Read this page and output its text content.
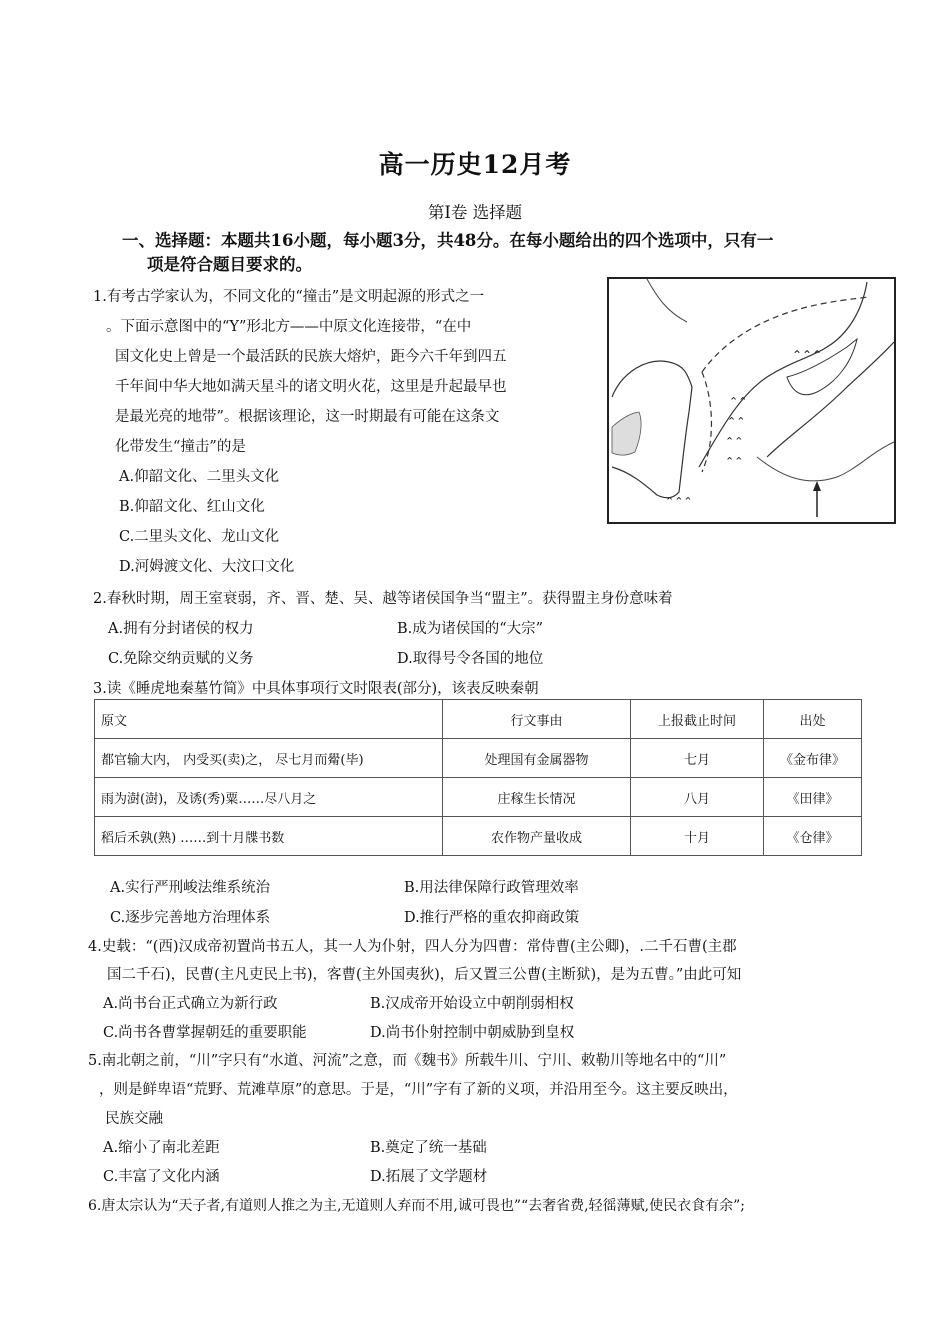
高一历史12月考
第Ⅰ卷 选择题
一、选择题：本题共16小题，每小题3分，共48分。在每小题给出的四个选项中，只有一
项是符合题目要求的。
1.有考古学家认为，不同文化的“撞击”是文明起源的形式之一
。下面示意图中的“Y”形北方——中原文化连接带，“在中
国文化史上曾是一个最活跃的民族大熔炉，距今六千年到四五
千年间中华大地如满天星斗的诸文明火花，这里是升起最早也
是最光亮的地带”。根据该理论，这一时期最有可能在这条文
化带发生“撞击”的是
A.仰韶文化、二里头文化
B.仰韶文化、红山文化
C.二里头文化、龙山文化
D.河姆渡文化、大汶口文化
⌃⌃⌃
⌃⌃
⌃⌃
⌃⌃
⌃⌃
⌃⌃⌃
2.春秋时期，周王室衰弱，齐、晋、楚、吴、越等诸侯国争当“盟主”。获得盟主身份意味着
A.拥有分封诸侯的权力	B.成为诸侯国的“大宗”
C.免除交纳贡赋的义务	D.取得号令各国的地位
3.读《睡虎地秦墓竹简》中具体事项行文时限表(部分)，该表反映秦朝
原文	行文事由	上报截止时间	出处
都官输大内， 内受买(卖)之， 尽七月而觷(毕)	处理国有金属器物	七月	《金布律》
雨为澍(澍)，及诱(秀)粟……尽八月之	庄稼生长情况	八月	《田律》
稻后禾孰(熟) ……到十月牒书数	农作物产量收成	十月	《仓律》
A.实行严刑峻法维系统治	B.用法律保障行政管理效率
C.逐步完善地方治理体系	D.推行严格的重农抑商政策
4.史载：“(西)汉成帝初置尚书五人，其一人为仆射，四人分为四曹：常侍曹(主公卿)，.二千石曹(主郡
国二千石)，民曹(主凡吏民上书)，客曹(主外国夷狄)，后又置三公曹(主断狱)，是为五曹。”由此可知
A.尚书台正式确立为新行政	B.汉成帝开始设立中朝削弱相权
C.尚书各曹掌握朝廷的重要职能	D.尚书仆射控制中朝威胁到皇权
5.南北朝之前，“川”字只有“水道、河流”之意，而《魏书》所载牛川、宁川、敕勒川等地名中的“川”
，则是鲜卑语“荒野、荒滩草原”的意思。于是，“川”字有了新的义项，并沿用至今。这主要反映出，
民族交融
A.缩小了南北差距	B.奠定了统一基础
C.丰富了文化内涵	D.拓展了文学题材
6.唐太宗认为“天子者,有道则人推之为主,无道则人弃而不用,诚可畏也”“去奢省费,轻徭薄赋,使民衣食有余”;
